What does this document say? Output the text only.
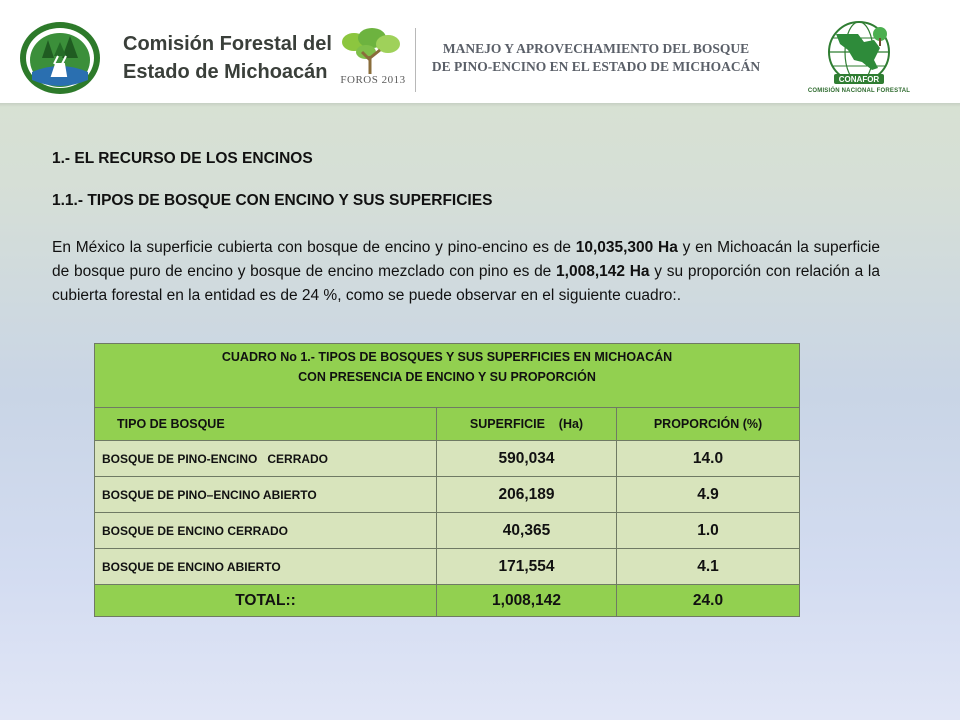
Comisión Forestal del
Estado de Michoacán	FOROS 2013
MANEJO Y APROVECHAMIENTO DEL BOSQUE
DE PINO-ENCINO EN EL ESTADO DE MICHOACÁN
CONAFOR
COMISIÓN NACIONAL FORESTAL
1.- EL RECURSO DE LOS ENCINOS
1.1.- TIPOS DE BOSQUE CON ENCINO Y SUS SUPERFICIES
En México la superficie cubierta con bosque de encino y pino-encino es de 10,035,300 Ha y en Michoacán la superficie de bosque puro de encino y bosque de encino mezclado con pino es de 1,008,142 Ha y su proporción con relación a la cubierta forestal en la entidad es de 24 %, como se puede observar en el siguiente cuadro:.
CUADRO No 1.- TIPOS DE BOSQUES Y SUS SUPERFICIES EN MICHOACÁN
CON PRESENCIA DE ENCINO Y SU PROPORCIÓN		

TIPO DE BOSQUE	SUPERFICIE    (Ha)	PROPORCIÓN (%)
BOSQUE DE PINO-ENCINO   CERRADO	590,034	14.0
BOSQUE DE PINO–ENCINO ABIERTO	206,189	4.9
BOSQUE DE ENCINO CERRADO	40,365	1.0
BOSQUE DE ENCINO ABIERTO	171,554	4.1
TOTAL::	1,008,142	24.0
